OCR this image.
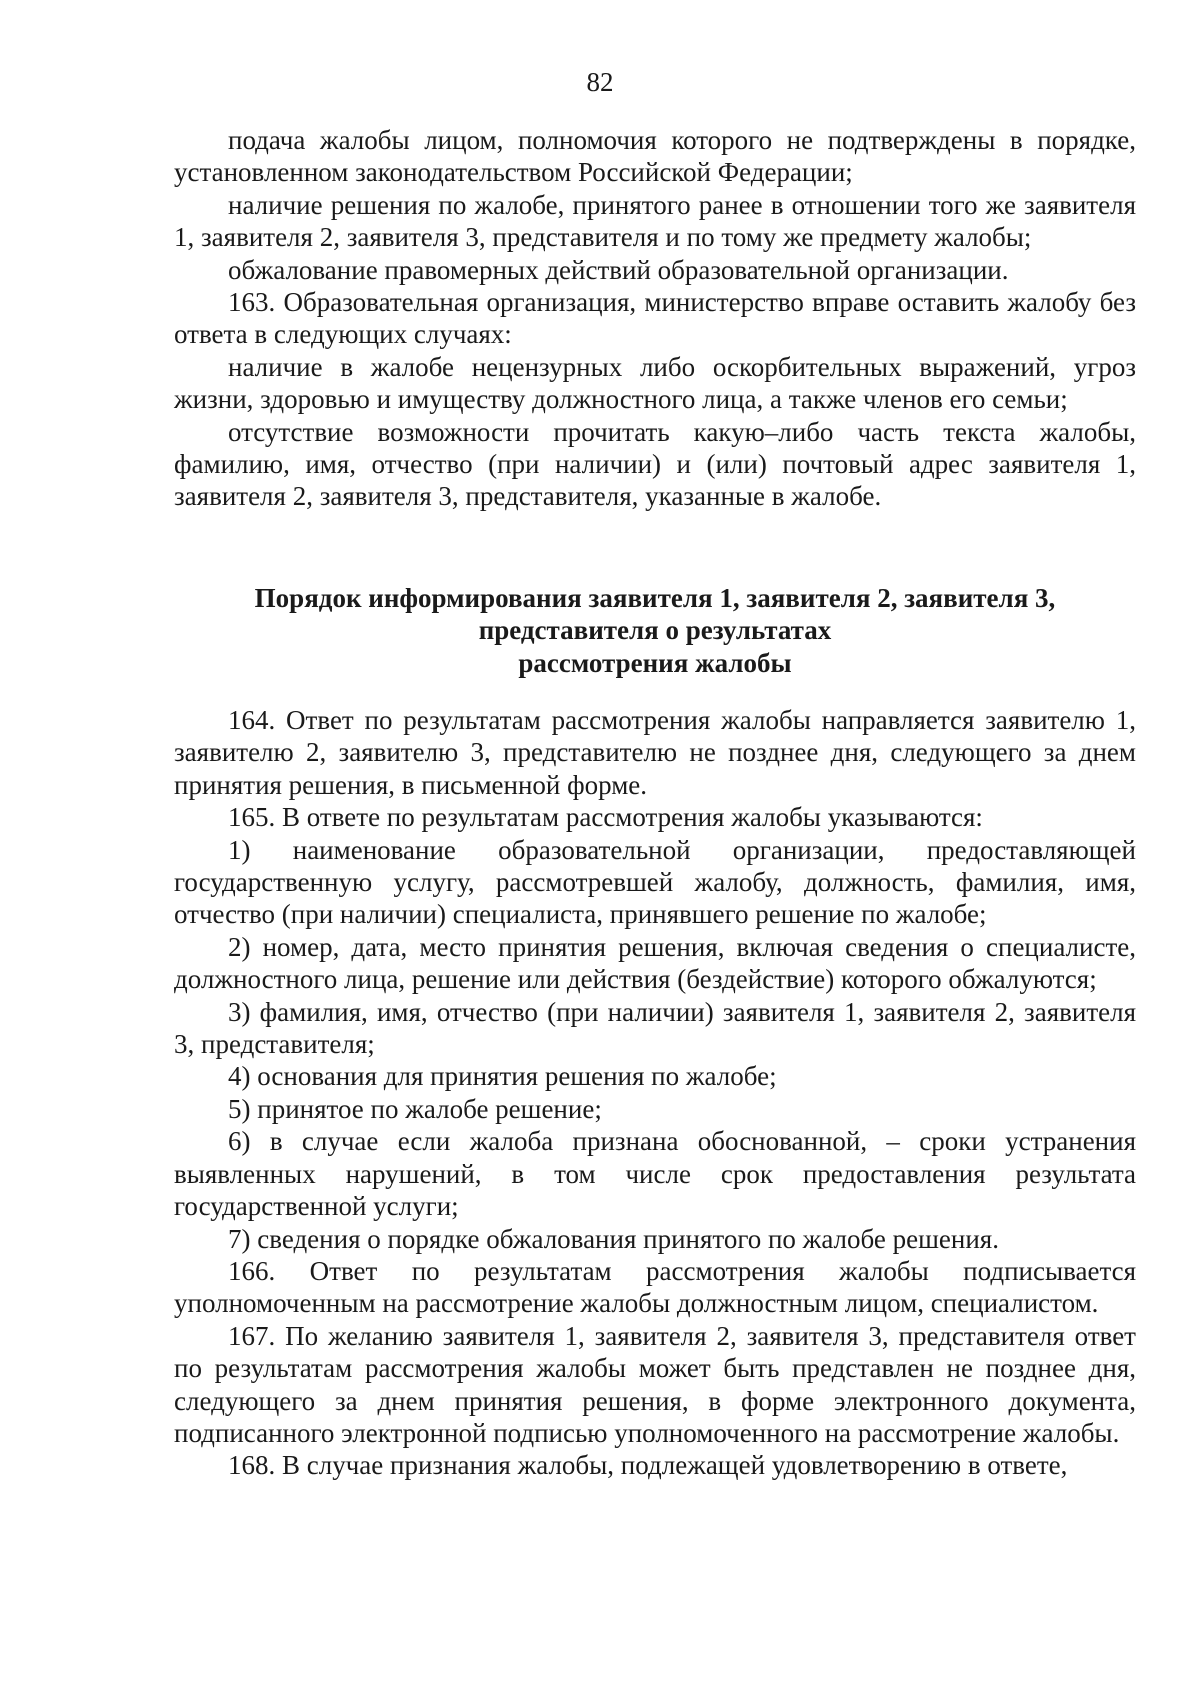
82

подача жалобы лицом, полномочия которого не подтверждены в порядке, установленном законодательством Российской Федерации;

наличие решения по жалобе, принятого ранее в отношении того же заявителя 1, заявителя 2, заявителя 3, представителя и по тому же предмету жалобы;

обжалование правомерных действий образовательной организации.

163. Образовательная организация, министерство вправе оставить жалобу без ответа в следующих случаях:

наличие в жалобе нецензурных либо оскорбительных выражений, угроз жизни, здоровью и имуществу должностного лица, а также членов его семьи;

отсутствие возможности прочитать какую–либо часть текста жалобы, фамилию, имя, отчество (при наличии) и (или) почтовый адрес заявителя 1, заявителя 2, заявителя 3, представителя, указанные в жалобе.

Порядок информирования заявителя 1, заявителя 2, заявителя 3,
представителя о результатах
рассмотрения жалобы

164. Ответ по результатам рассмотрения жалобы направляется заявителю 1, заявителю 2, заявителю 3, представителю не позднее дня, следующего за днем принятия решения, в письменной форме.

165. В ответе по результатам рассмотрения жалобы указываются:

1) наименование образовательной организации, предоставляющей государственную услугу, рассмотревшей жалобу, должность, фамилия, имя, отчество (при наличии) специалиста, принявшего решение по жалобе;

2) номер, дата, место принятия решения, включая сведения о специалисте, должностного лица, решение или действия (бездействие) которого обжалуются;

3) фамилия, имя, отчество (при наличии) заявителя 1, заявителя 2, заявителя 3, представителя;

4) основания для принятия решения по жалобе;

5) принятое по жалобе решение;

6) в случае если жалоба признана обоснованной, – сроки устранения выявленных нарушений, в том числе срок предоставления результата государственной услуги;

7) сведения о порядке обжалования принятого по жалобе решения.

166. Ответ по результатам рассмотрения жалобы подписывается уполномоченным на рассмотрение жалобы должностным лицом, специалистом.

167. По желанию заявителя 1, заявителя 2, заявителя 3, представителя ответ по результатам рассмотрения жалобы может быть представлен не позднее дня, следующего за днем принятия решения, в форме электронного документа, подписанного электронной подписью уполномоченного на рассмотрение жалобы.

168. В случае признания жалобы, подлежащей удовлетворению в ответе,
